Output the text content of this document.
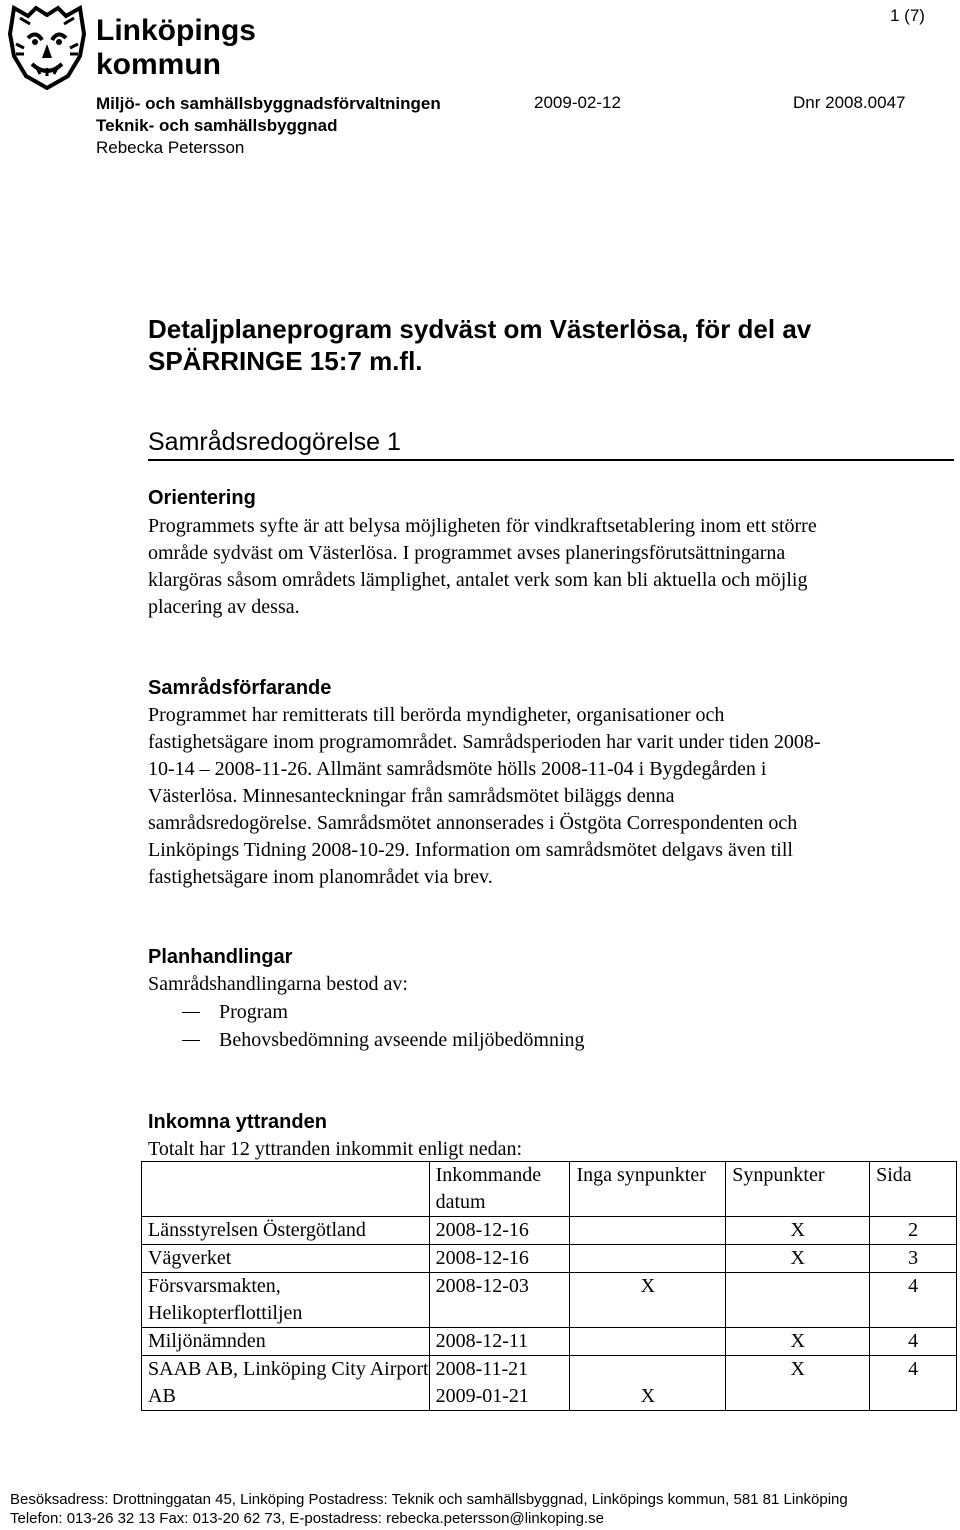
Linköpings
kommun
1 (7)
Miljö- och samhällsbyggnadsförvaltningen
Teknik- och samhällsbyggnad
Rebecka Petersson
2009-02-12	Dnr 2008.0047
Detaljplaneprogram sydväst om Västerlösa, för del av
SPÄRRINGE 15:7 m.fl.
Samrådsredogörelse 1
Orientering
Programmets syfte är att belysa möjligheten för vindkraftsetablering inom ett större
område sydväst om Västerlösa. I programmet avses planeringsförutsättningarna
klargöras såsom områdets lämplighet, antalet verk som kan bli aktuella och möjlig
placering av dessa.
Samrådsförfarande
Programmet har remitterats till berörda myndigheter, organisationer och
fastighetsägare inom programområdet. Samrådsperioden har varit under tiden 2008-
10-14 – 2008-11-26. Allmänt samrådsmöte hölls 2008-11-04 i Bygdegården i
Västerlösa. Minnesanteckningar från samrådsmötet biläggs denna
samrådsredogörelse. Samrådsmötet annonserades i Östgöta Correspondenten och
Linköpings Tidning 2008-10-29. Information om samrådsmötet delgavs även till
fastighetsägare inom planområdet via brev.
Planhandlingar
Samrådshandlingarna bestod av:
Program
Behovsbedömning avseende miljöbedömning
Inkomna yttranden
Totalt har 12 yttranden inkommit enligt nedan:
	Inkommande datum	Inga synpunkter	Synpunkter	Sida
Länsstyrelsen Östergötland	2008-12-16		X	2
Vägverket	2008-12-16		X	3
Försvarsmakten, Helikopterflottiljen	2008-12-03	X		4
Miljönämnden	2008-12-11		X	4
SAAB AB, Linköping City Airport AB	2008-11-21 2009-01-21	X	X	4
Besöksadress: Drottninggatan 45, Linköping Postadress: Teknik och samhällsbyggnad, Linköpings kommun, 581 81 Linköping
Telefon: 013-26 32 13 Fax: 013-20 62 73, E-postadress: rebecka.petersson@linkoping.se
